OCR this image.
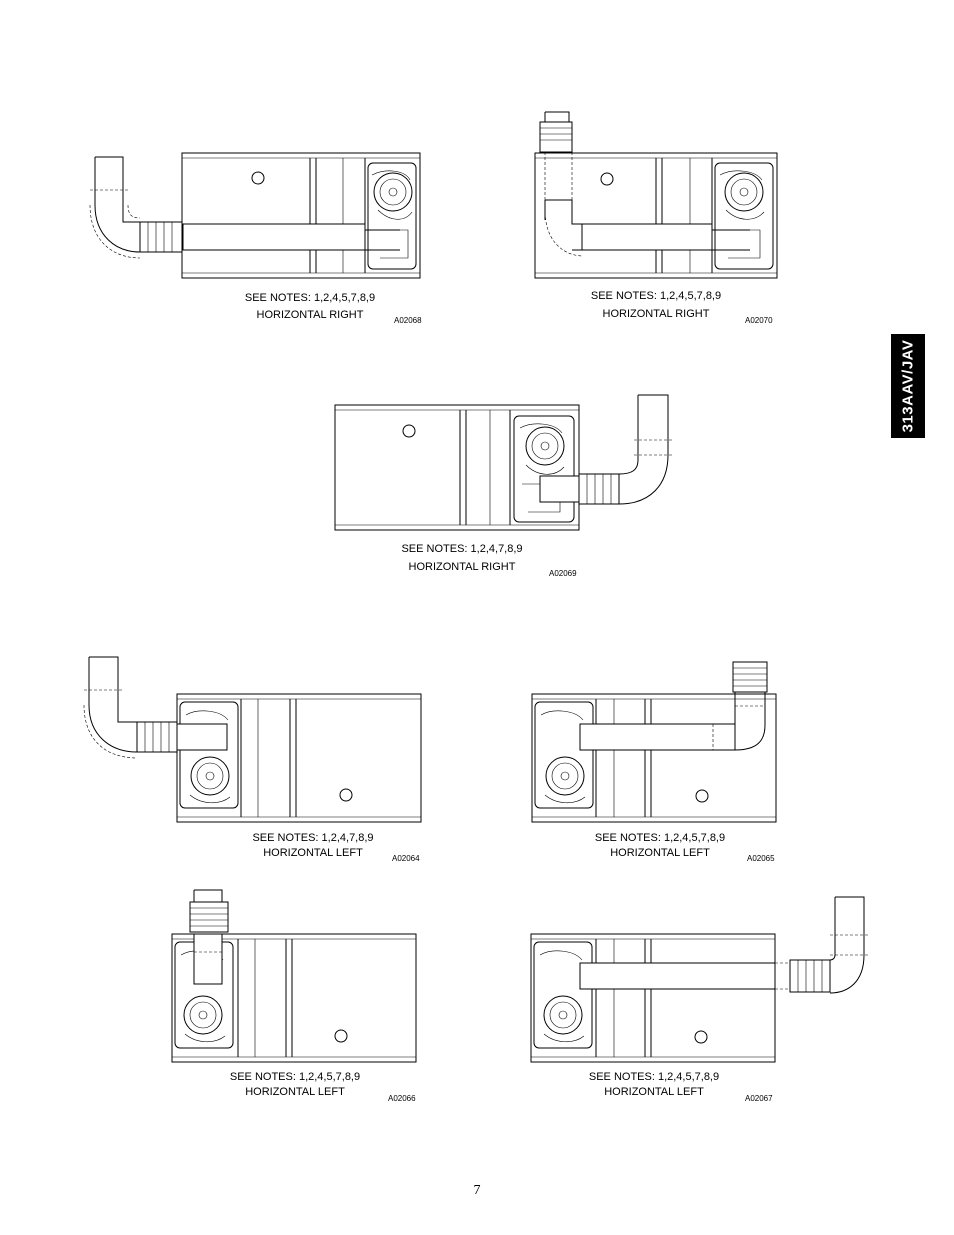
313AAV/JAV
SEE NOTES: 1,2,4,5,7,8,9
HORIZONTAL RIGHT	A02068
SEE NOTES: 1,2,4,5,7,8,9
HORIZONTAL RIGHT
A02070
SEE NOTES: 1,2,4,7,8,9
HORIZONTAL RIGHT
A02069
SEE NOTES: 1,2,4,7,8,9
HORIZONTAL LEFT	A02064
SEE NOTES: 1,2,4,5,7,8,9
HORIZONTAL LEFT	A02065
SEE NOTES: 1,2,4,5,7,8,9
HORIZONTAL LEFT
A02066
SEE NOTES: 1,2,4,5,7,8,9
HORIZONTAL LEFT
A02067
7
